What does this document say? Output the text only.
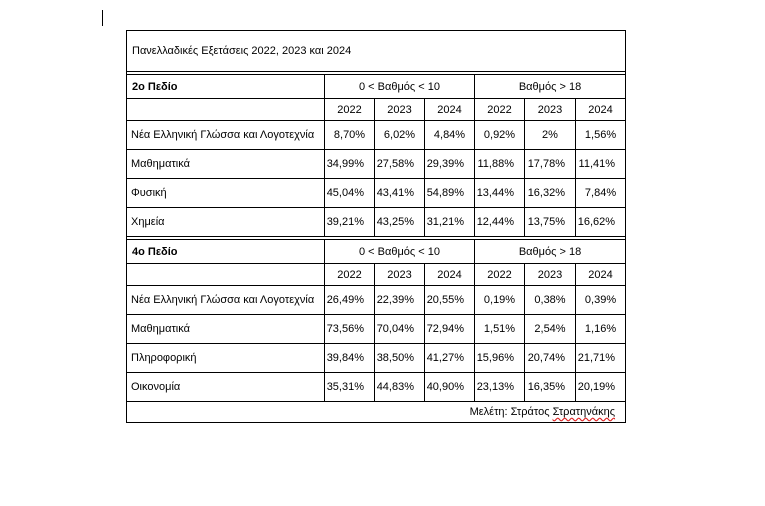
Πανελλαδικές Εξετάσεις 2022, 2023 και 2024						

2ο Πεδίο	0 < Βαθμός < 10			Βαθμός > 18		
	2022	2023	2024	2022	2023	2024
Νέα Ελληνική Γλώσσα και Λογοτεχνία	8,70%	6,02%	4,84%	0,92%	2%	1,56%
Μαθηματικά	34,99%	27,58%	29,39%	11,88%	17,78%	11,41%
Φυσική	45,04%	43,41%	54,89%	13,44%	16,32%	7,84%
Χημεία	39,21%	43,25%	31,21%	12,44%	13,75%	16,62%

4ο Πεδίο	0 < Βαθμός < 10			Βαθμός > 18		
	2022	2023	2024	2022	2023	2024
Νέα Ελληνική Γλώσσα και Λογοτεχνία	26,49%	22,39%	20,55%	0,19%	0,38%	0,39%
Μαθηματικά	73,56%	70,04%	72,94%	1,51%	2,54%	1,16%
Πληροφορική	39,84%	38,50%	41,27%	15,96%	20,74%	21,71%
Οικονομία	35,31%	44,83%	40,90%	23,13%	16,35%	20,19%
Μελέτη: Στράτος Στρατηνάκης						
